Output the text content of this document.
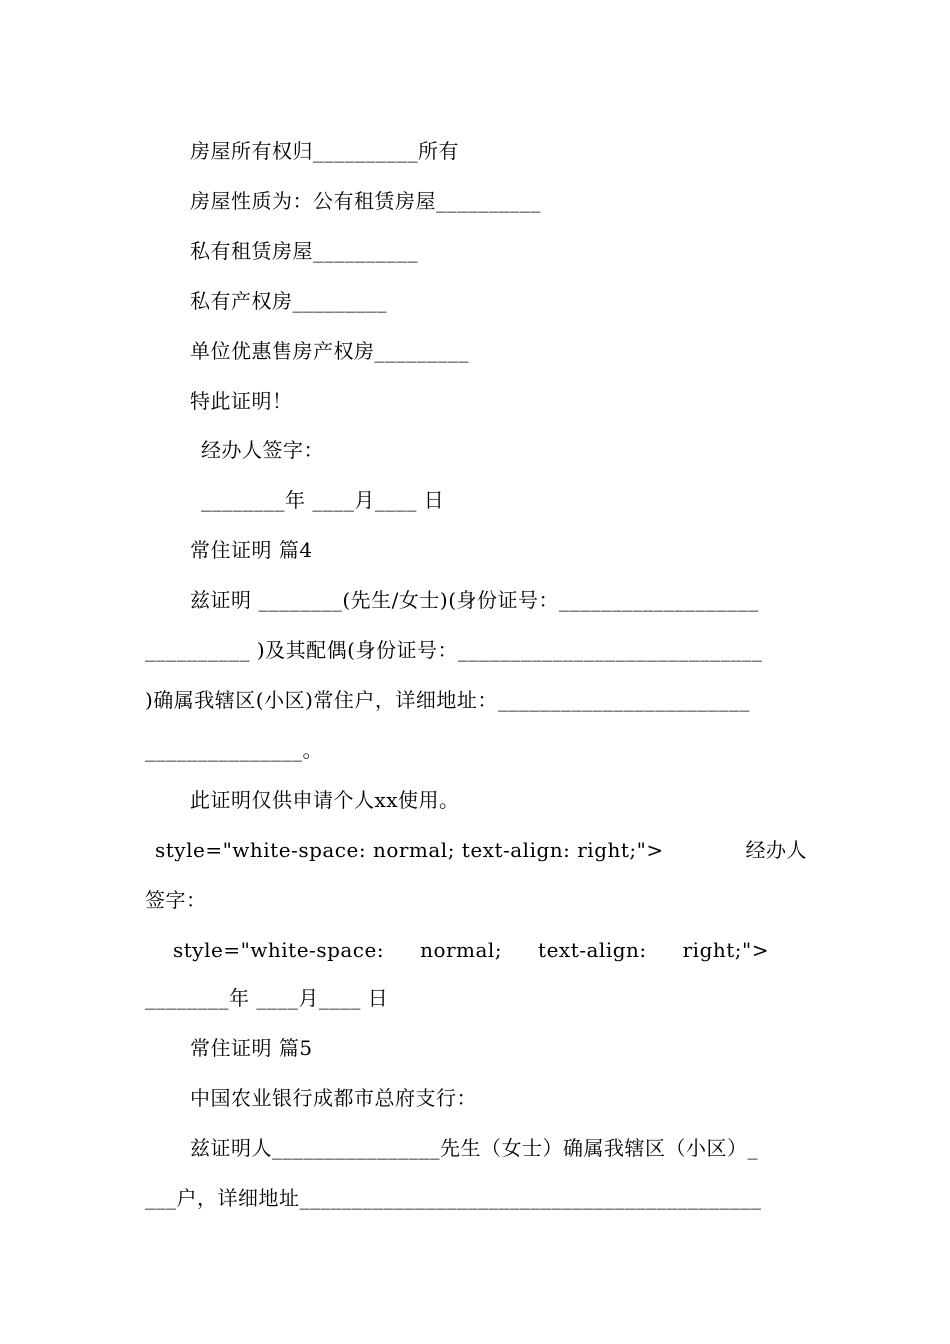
房屋所有权归__________所有
房屋性质为：公有租赁房屋__________
私有租赁房屋__________
私有产权房_________
单位优惠售房产权房_________
特此证明！
经办人签字：
________年 ____月____ 日
常住证明 篇4
兹证明 ________(先生/女士)(身份证号：___________________
__________ )及其配偶(身份证号：_____________________________
)确属我辖区(小区)常住户，详细地址：________________________
_______________。
此证明仅供申请个人xx使用。
style="white-space: normal; text-align: right;">	经办人
签字：
style="white-space: normal; text-align: right;">
________年 ____月____ 日
常住证明 篇5
中国农业银行成都市总府支行：
兹证明人________________先生（女士）确属我辖区（小区）_
___户，详细地址____________________________________________
